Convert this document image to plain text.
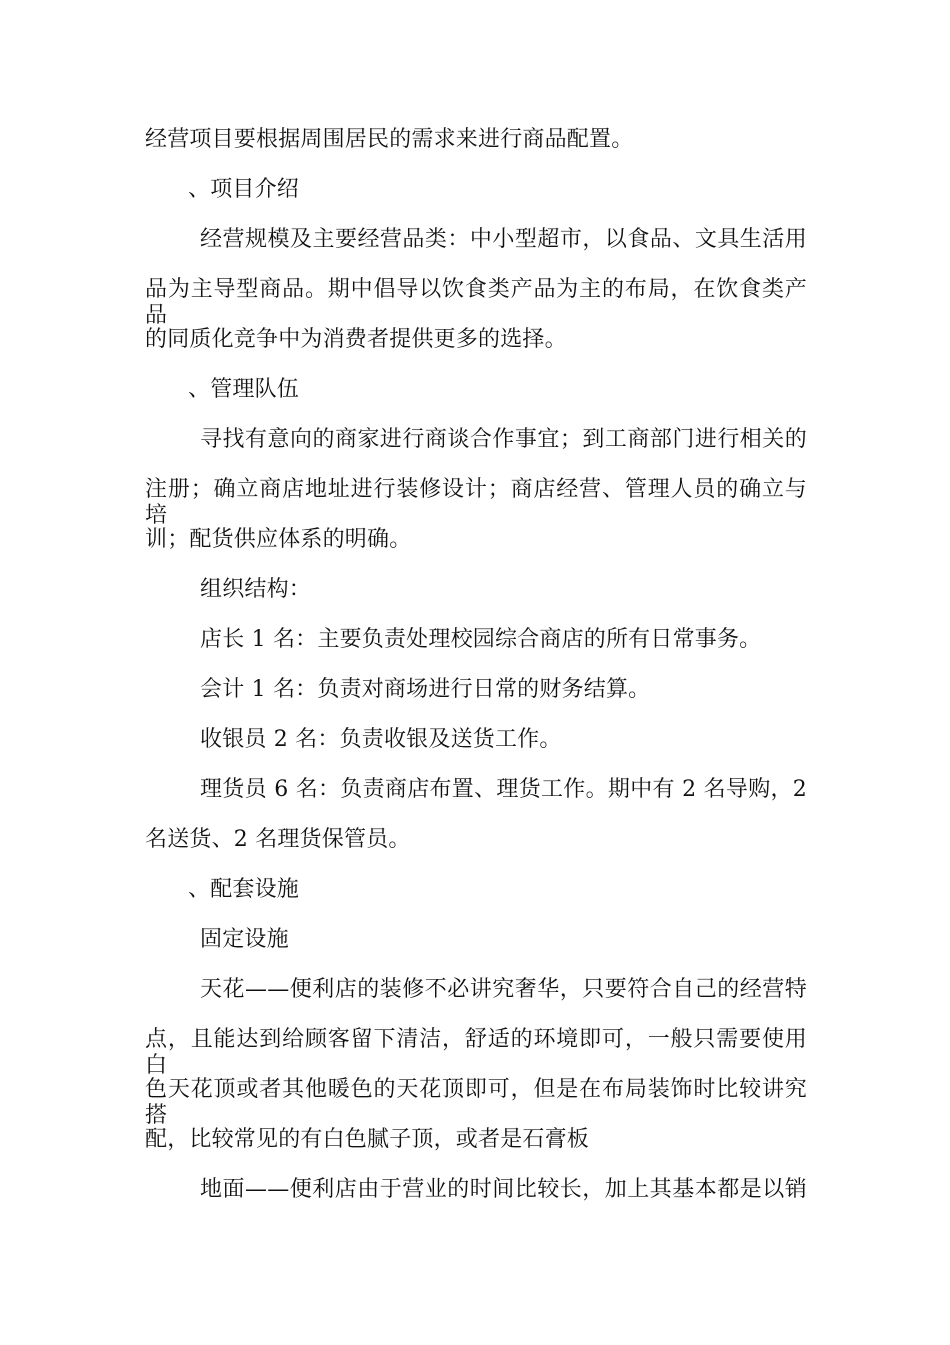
经营项目要根据周围居民的需求来进行商品配置。
、项目介绍
经营规模及主要经营品类：中小型超市，以食品、文具生活用
品为主导型商品。期中倡导以饮食类产品为主的布局，在饮食类产品
的同质化竞争中为消费者提供更多的选择。
、管理队伍
寻找有意向的商家进行商谈合作事宜；到工商部门进行相关的
注册；确立商店地址进行装修设计；商店经营、管理人员的确立与培
训；配货供应体系的明确。
组织结构：
店长 1 名：主要负责处理校园综合商店的所有日常事务。
会计 1 名：负责对商场进行日常的财务结算。
收银员 2 名：负责收银及送货工作。
理货员 6 名：负责商店布置、理货工作。期中有 2 名导购，2
名送货、2 名理货保管员。
、配套设施
固定设施
天花——便利店的装修不必讲究奢华，只要符合自己的经营特
点，且能达到给顾客留下清洁，舒适的环境即可，一般只需要使用白
色天花顶或者其他暖色的天花顶即可，但是在布局装饰时比较讲究搭
配，比较常见的有白色腻子顶，或者是石膏板
地面——便利店由于营业的时间比较长，加上其基本都是以销
